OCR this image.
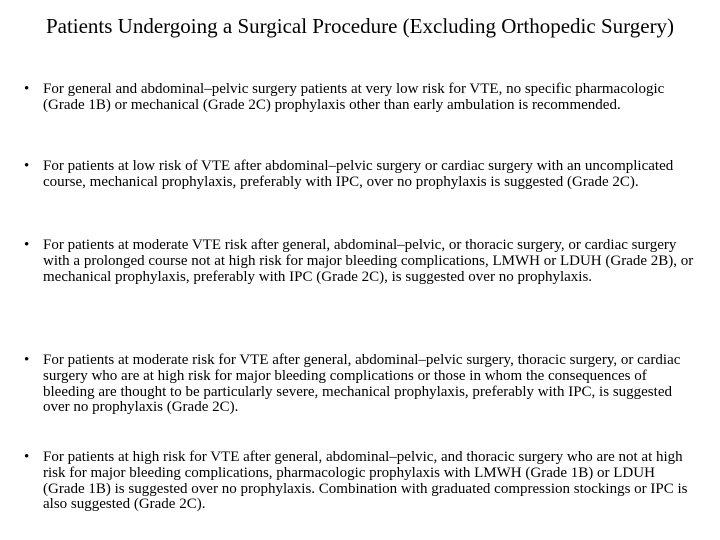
Patients Undergoing a Surgical Procedure (Excluding Orthopedic Surgery)
• For general and abdominal–pelvic surgery patients at very low risk for VTE, no specific pharmacologic (Grade 1B) or mechanical (Grade 2C) prophylaxis other than early ambulation is recommended.
• For patients at low risk of VTE after abdominal–pelvic surgery or cardiac surgery with an uncomplicated course, mechanical prophylaxis, preferably with IPC, over no prophylaxis is suggested (Grade 2C).
• For patients at moderate VTE risk after general, abdominal–pelvic, or thoracic surgery, or cardiac surgery with a prolonged course not at high risk for major bleeding complications, LMWH or LDUH (Grade 2B), or mechanical prophylaxis, preferably with IPC (Grade 2C), is suggested over no prophylaxis.
• For patients at moderate risk for VTE after general, abdominal–pelvic surgery, thoracic surgery, or cardiac surgery who are at high risk for major bleeding complications or those in whom the consequences of bleeding are thought to be particularly severe, mechanical prophylaxis, preferably with IPC, is suggested over no prophylaxis (Grade 2C).
• For patients at high risk for VTE after general, abdominal–pelvic, and thoracic surgery who are not at high risk for major bleeding complications, pharmacologic prophylaxis with LMWH (Grade 1B) or LDUH (Grade 1B) is suggested over no prophylaxis. Combination with graduated compression stockings or IPC is also suggested (Grade 2C).
